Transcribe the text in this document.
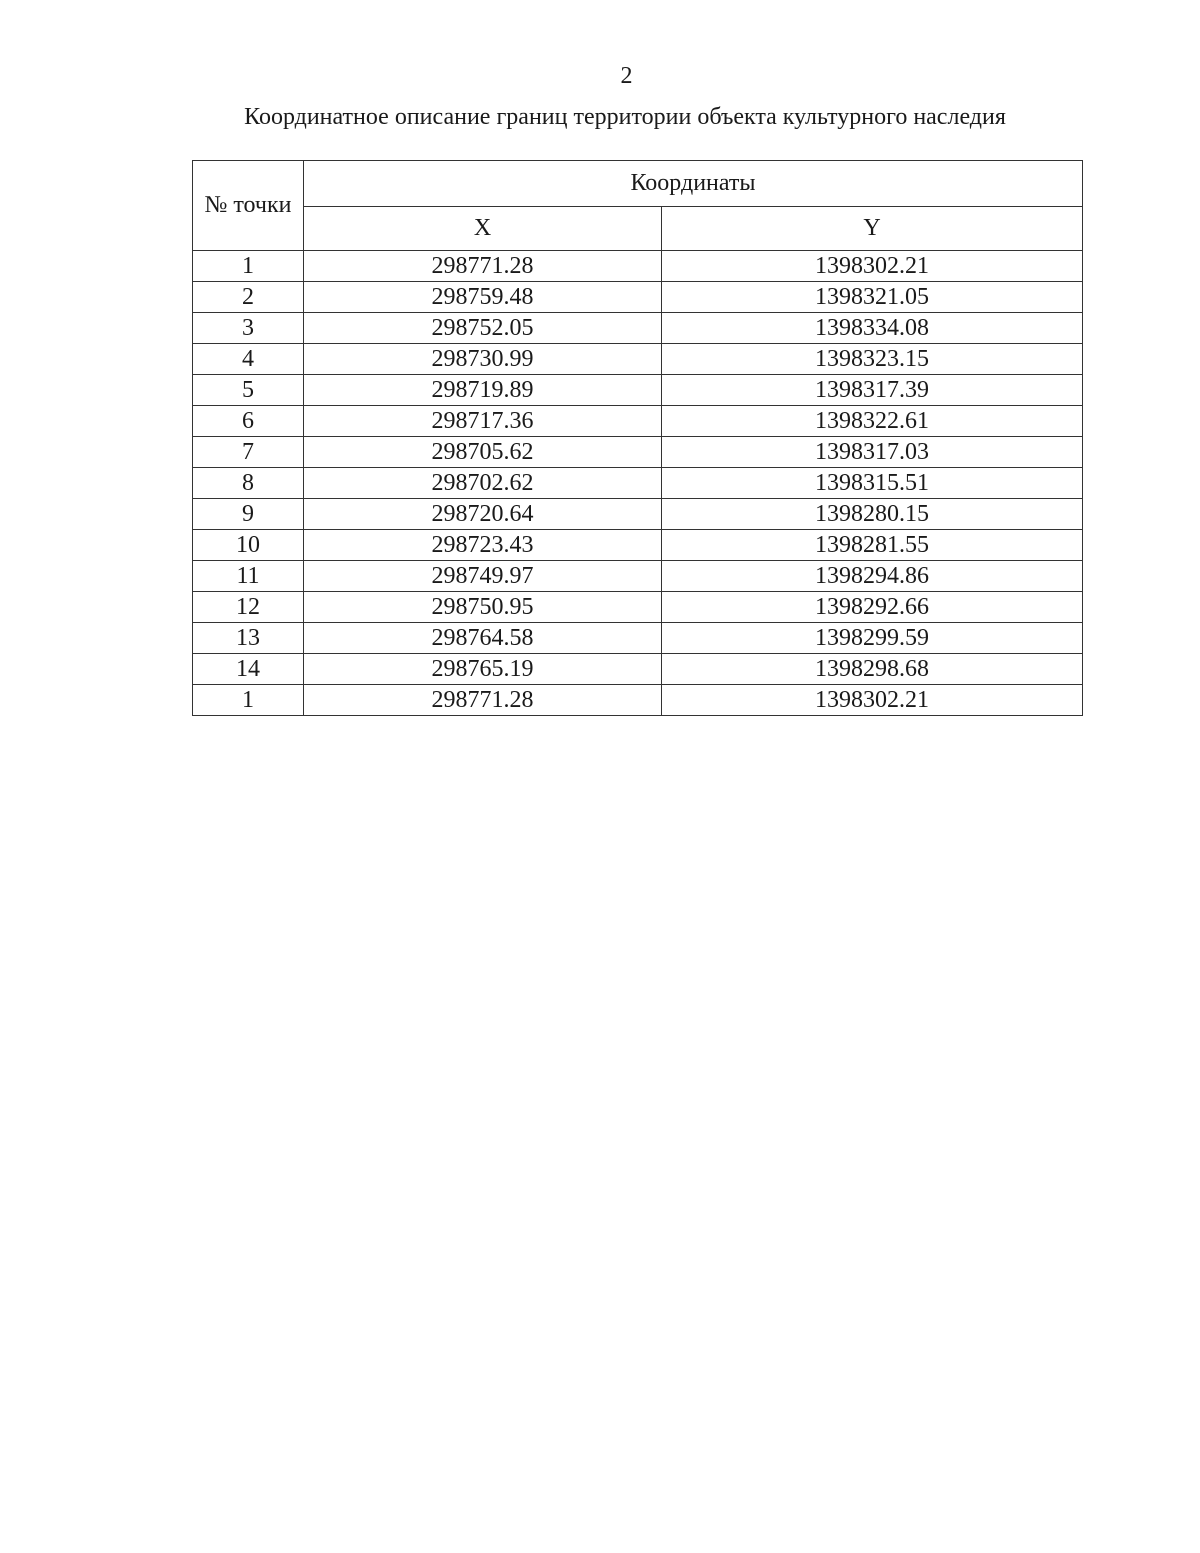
2
Координатное описание границ территории объекта культурного наследия
№ точки	Координаты	
	X	Y
1	298771.28	1398302.21
2	298759.48	1398321.05
3	298752.05	1398334.08
4	298730.99	1398323.15
5	298719.89	1398317.39
6	298717.36	1398322.61
7	298705.62	1398317.03
8	298702.62	1398315.51
9	298720.64	1398280.15
10	298723.43	1398281.55
11	298749.97	1398294.86
12	298750.95	1398292.66
13	298764.58	1398299.59
14	298765.19	1398298.68
1	298771.28	1398302.21
